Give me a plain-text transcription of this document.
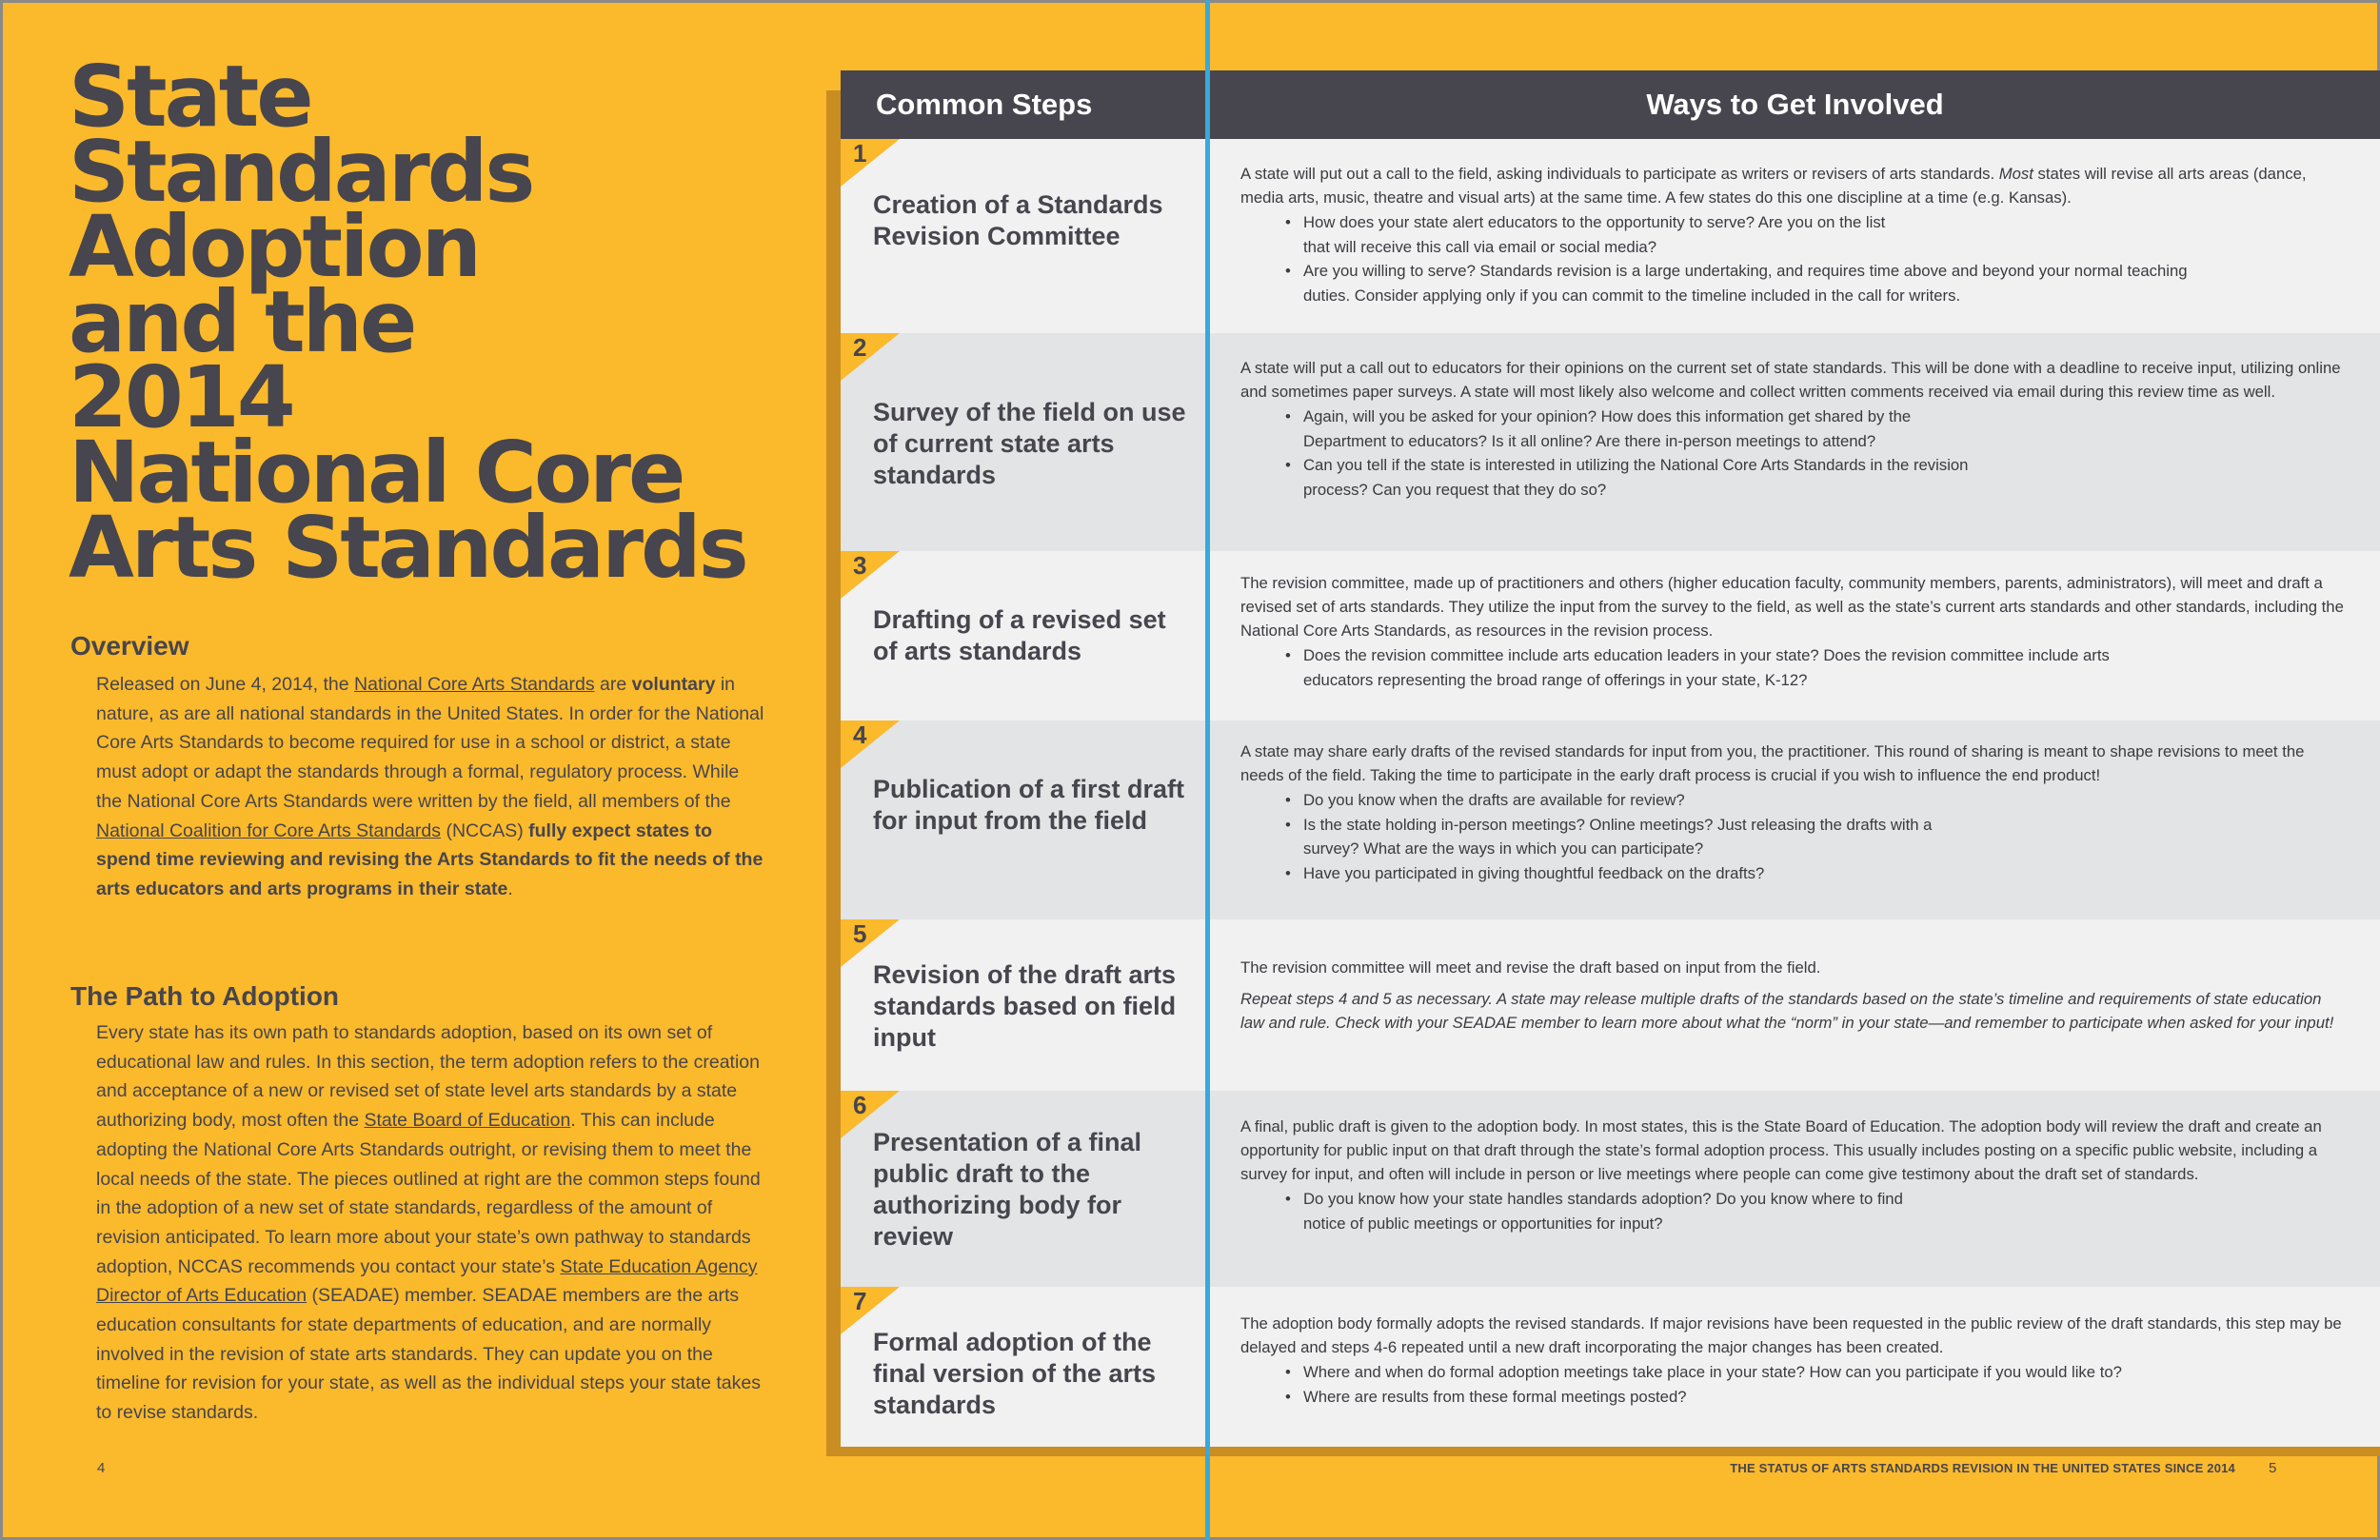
State
Standards
Adoption
and the
2014
National Core
Arts Standards
Overview
Released on June 4, 2014, the National Core Arts Standards are voluntary in nature, as are all national standards in the United States. In order for the National Core Arts Standards to become required for use in a school or district, a state must adopt or adapt the standards through a formal, regulatory process. While the National Core Arts Standards were written by the field, all members of the National Coalition for Core Arts Standards (NCCAS) fully expect states to spend time reviewing and revising the Arts Standards to fit the needs of the arts educators and arts programs in their state.
The Path to Adoption
Every state has its own path to standards adoption, based on its own set of educational law and rules. In this section, the term adoption refers to the creation and acceptance of a new or revised set of state level arts standards by a state authorizing body, most often the State Board of Education. This can include adopting the National Core Arts Standards outright, or revising them to meet the local needs of the state. The pieces outlined at right are the common steps found in the adoption of a new set of state standards, regardless of the amount of revision anticipated. To learn more about your state’s own pathway to standards adoption, NCCAS recommends you contact your state’s State Education Agency Director of Arts Education (SEADAE) member. SEADAE members are the arts education consultants for state departments of education, and are normally involved in the revision of state arts standards. They can update you on the timeline for revision for your state, as well as the individual steps your state takes to revise standards.
4
Common Steps	Ways to Get Involved
1
Creation of a Standards Revision Committee
A state will put out a call to the field, asking individuals to participate as writers or revisers of arts standards. Most states will revise all arts areas (dance, media arts, music, theatre and visual arts) at the same time. A few states do this one discipline at a time (e.g. Kansas).
• How does your state alert educators to the opportunity to serve? Are you on the list that will receive this call via email or social media?
• Are you willing to serve? Standards revision is a large undertaking, and requires time above and beyond your normal teaching duties. Consider applying only if you can commit to the timeline included in the call for writers.
2
Survey of the field on use of current state arts standards
A state will put a call out to educators for their opinions on the current set of state standards. This will be done with a deadline to receive input, utilizing online and sometimes paper surveys. A state will most likely also welcome and collect written comments received via email during this review time as well.
• Again, will you be asked for your opinion? How does this information get shared by the Department to educators? Is it all online? Are there in-person meetings to attend?
• Can you tell if the state is interested in utilizing the National Core Arts Standards in the revision process? Can you request that they do so?
3
Drafting of a revised set of arts standards
The revision committee, made up of practitioners and others (higher education faculty, community members, parents, administrators), will meet and draft a revised set of arts standards. They utilize the input from the survey to the field, as well as the state’s current arts standards and other standards, including the National Core Arts Standards, as resources in the revision process.
• Does the revision committee include arts education leaders in your state? Does the revision committee include arts educators representing the broad range of offerings in your state, K-12?
4
Publication of a first draft for input from the field
A state may share early drafts of the revised standards for input from you, the practitioner. This round of sharing is meant to shape revisions to meet the needs of the field. Taking the time to participate in the early draft process is crucial if you wish to influence the end product!
• Do you know when the drafts are available for review?
• Is the state holding in-person meetings? Online meetings? Just releasing the drafts with a survey? What are the ways in which you can participate?
• Have you participated in giving thoughtful feedback on the drafts?
5
Revision of the draft arts standards based on field input
The revision committee will meet and revise the draft based on input from the field.
Repeat steps 4 and 5 as necessary. A state may release multiple drafts of the standards based on the state’s timeline and requirements of state education law and rule. Check with your SEADAE member to learn more about what the “norm” in your state—and remember to participate when asked for your input!
6
Presentation of a final public draft to the authorizing body for review
A final, public draft is given to the adoption body. In most states, this is the State Board of Education. The adoption body will review the draft and create an opportunity for public input on that draft through the state’s formal adoption process. This usually includes posting on a specific public website, including a survey for input, and often will include in person or live meetings where people can come give testimony about the draft set of standards.
• Do you know how your state handles standards adoption? Do you know where to find notice of public meetings or opportunities for input?
7
Formal adoption of the final version of the arts standards
The adoption body formally adopts the revised standards. If major revisions have been requested in the public review of the draft standards, this step may be delayed and steps 4-6 repeated until a new draft incorporating the major changes has been created.
• Where and when do formal adoption meetings take place in your state? How can you participate if you would like to?
• Where are results from these formal meetings posted?
THE STATUS OF ARTS STANDARDS REVISION IN THE UNITED STATES SINCE 2014 5
